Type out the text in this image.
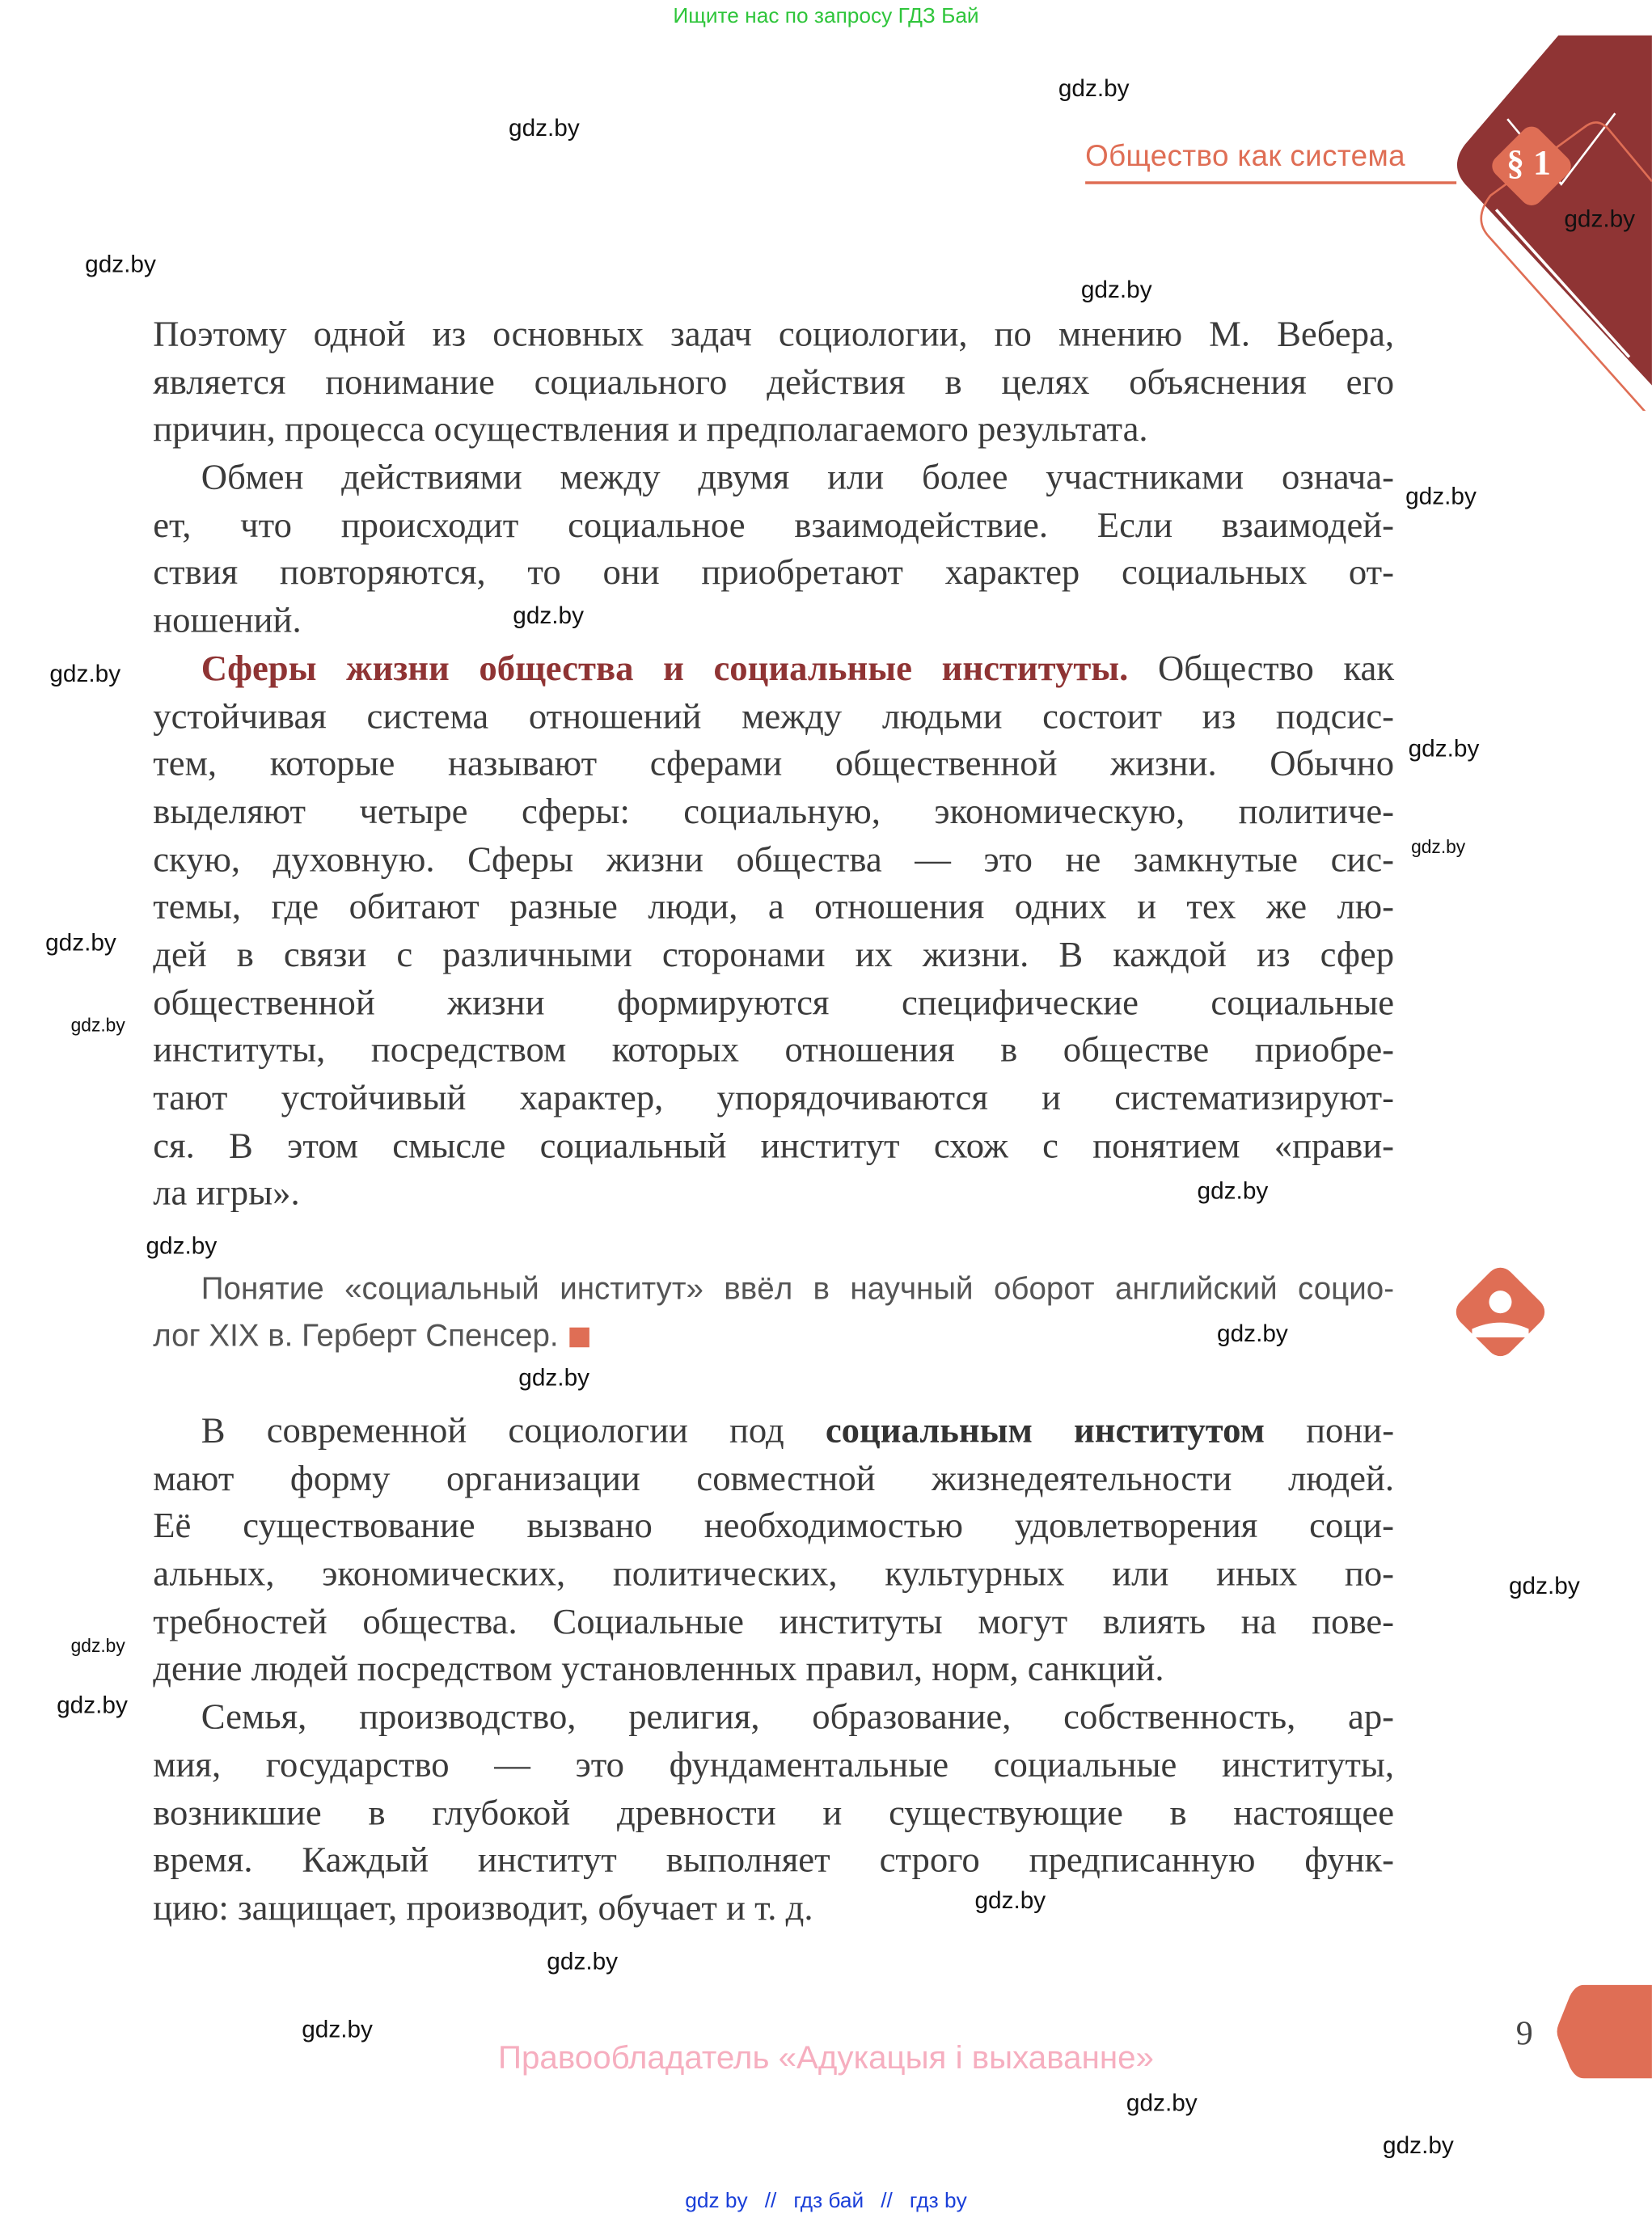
Ищите нас по запросу ГДЗ Бай
§ 1
Общество как система
Поэтому одной из основных задач социологии, по мнению М. Вебера,
является понимание социального действия в целях объяснения его
причин, процесса осуществления и предполагаемого результата.
Обмен действиями между двумя или более участниками означа-
ет, что происходит социальное взаимодействие. Если взаимодей-
ствия повторяются, то они приобретают характер социальных от-
ношений.
Сферы жизни общества и социальные институты. Общество как
устойчивая система отношений между людьми состоит из подсис-
тем, которые называют сферами общественной жизни. Обычно
выделяют четыре сферы: социальную, экономическую, политиче-
скую, духовную. Сферы жизни общества — это не замкнутые сис-
темы, где обитают разные люди, а отношения одних и тех же лю-
дей в связи с различными сторонами их жизни. В каждой из сфер
общественной жизни формируются специфические социальные
институты, посредством которых отношения в обществе приобре-
тают устойчивый характер, упорядочиваются и систематизируют-
ся. В этом смысле социальный институт схож с понятием «прави-
ла игры».
Понятие «социальный институт» ввёл в научный оборот английский социо-
лог XIX в. Герберт Спенсер.
В современной социологии под социальным институтом пони-
мают форму организации совместной жизнедеятельности людей.
Её существование вызвано необходимостью удовлетворения соци-
альных, экономических, политических, культурных или иных по-
требностей общества. Социальные институты могут влиять на пове-
дение людей посредством установленных правил, норм, санкций.
Семья, производство, религия, образование, собственность, ар-
мия, государство — это фундаментальные социальные институты,
возникшие в глубокой древности и существующие в настоящее
время. Каждый институт выполняет строго предписанную функ-
цию: защищает, производит, обучает и т. д.
9
Правообладатель «Адукацыя і выхаванне»
gdz by // гдз бай // гдз by
gdz.by
gdz.by
gdz.by
gdz.by
gdz.by
gdz.by
gdz.by
gdz.by
gdz.by
gdz.by
gdz.by
gdz.by
gdz.by
gdz.by
gdz.by
gdz.by
gdz.by
gdz.by
gdz.by
gdz.by
gdz.by
gdz.by
gdz.by
gdz.by
